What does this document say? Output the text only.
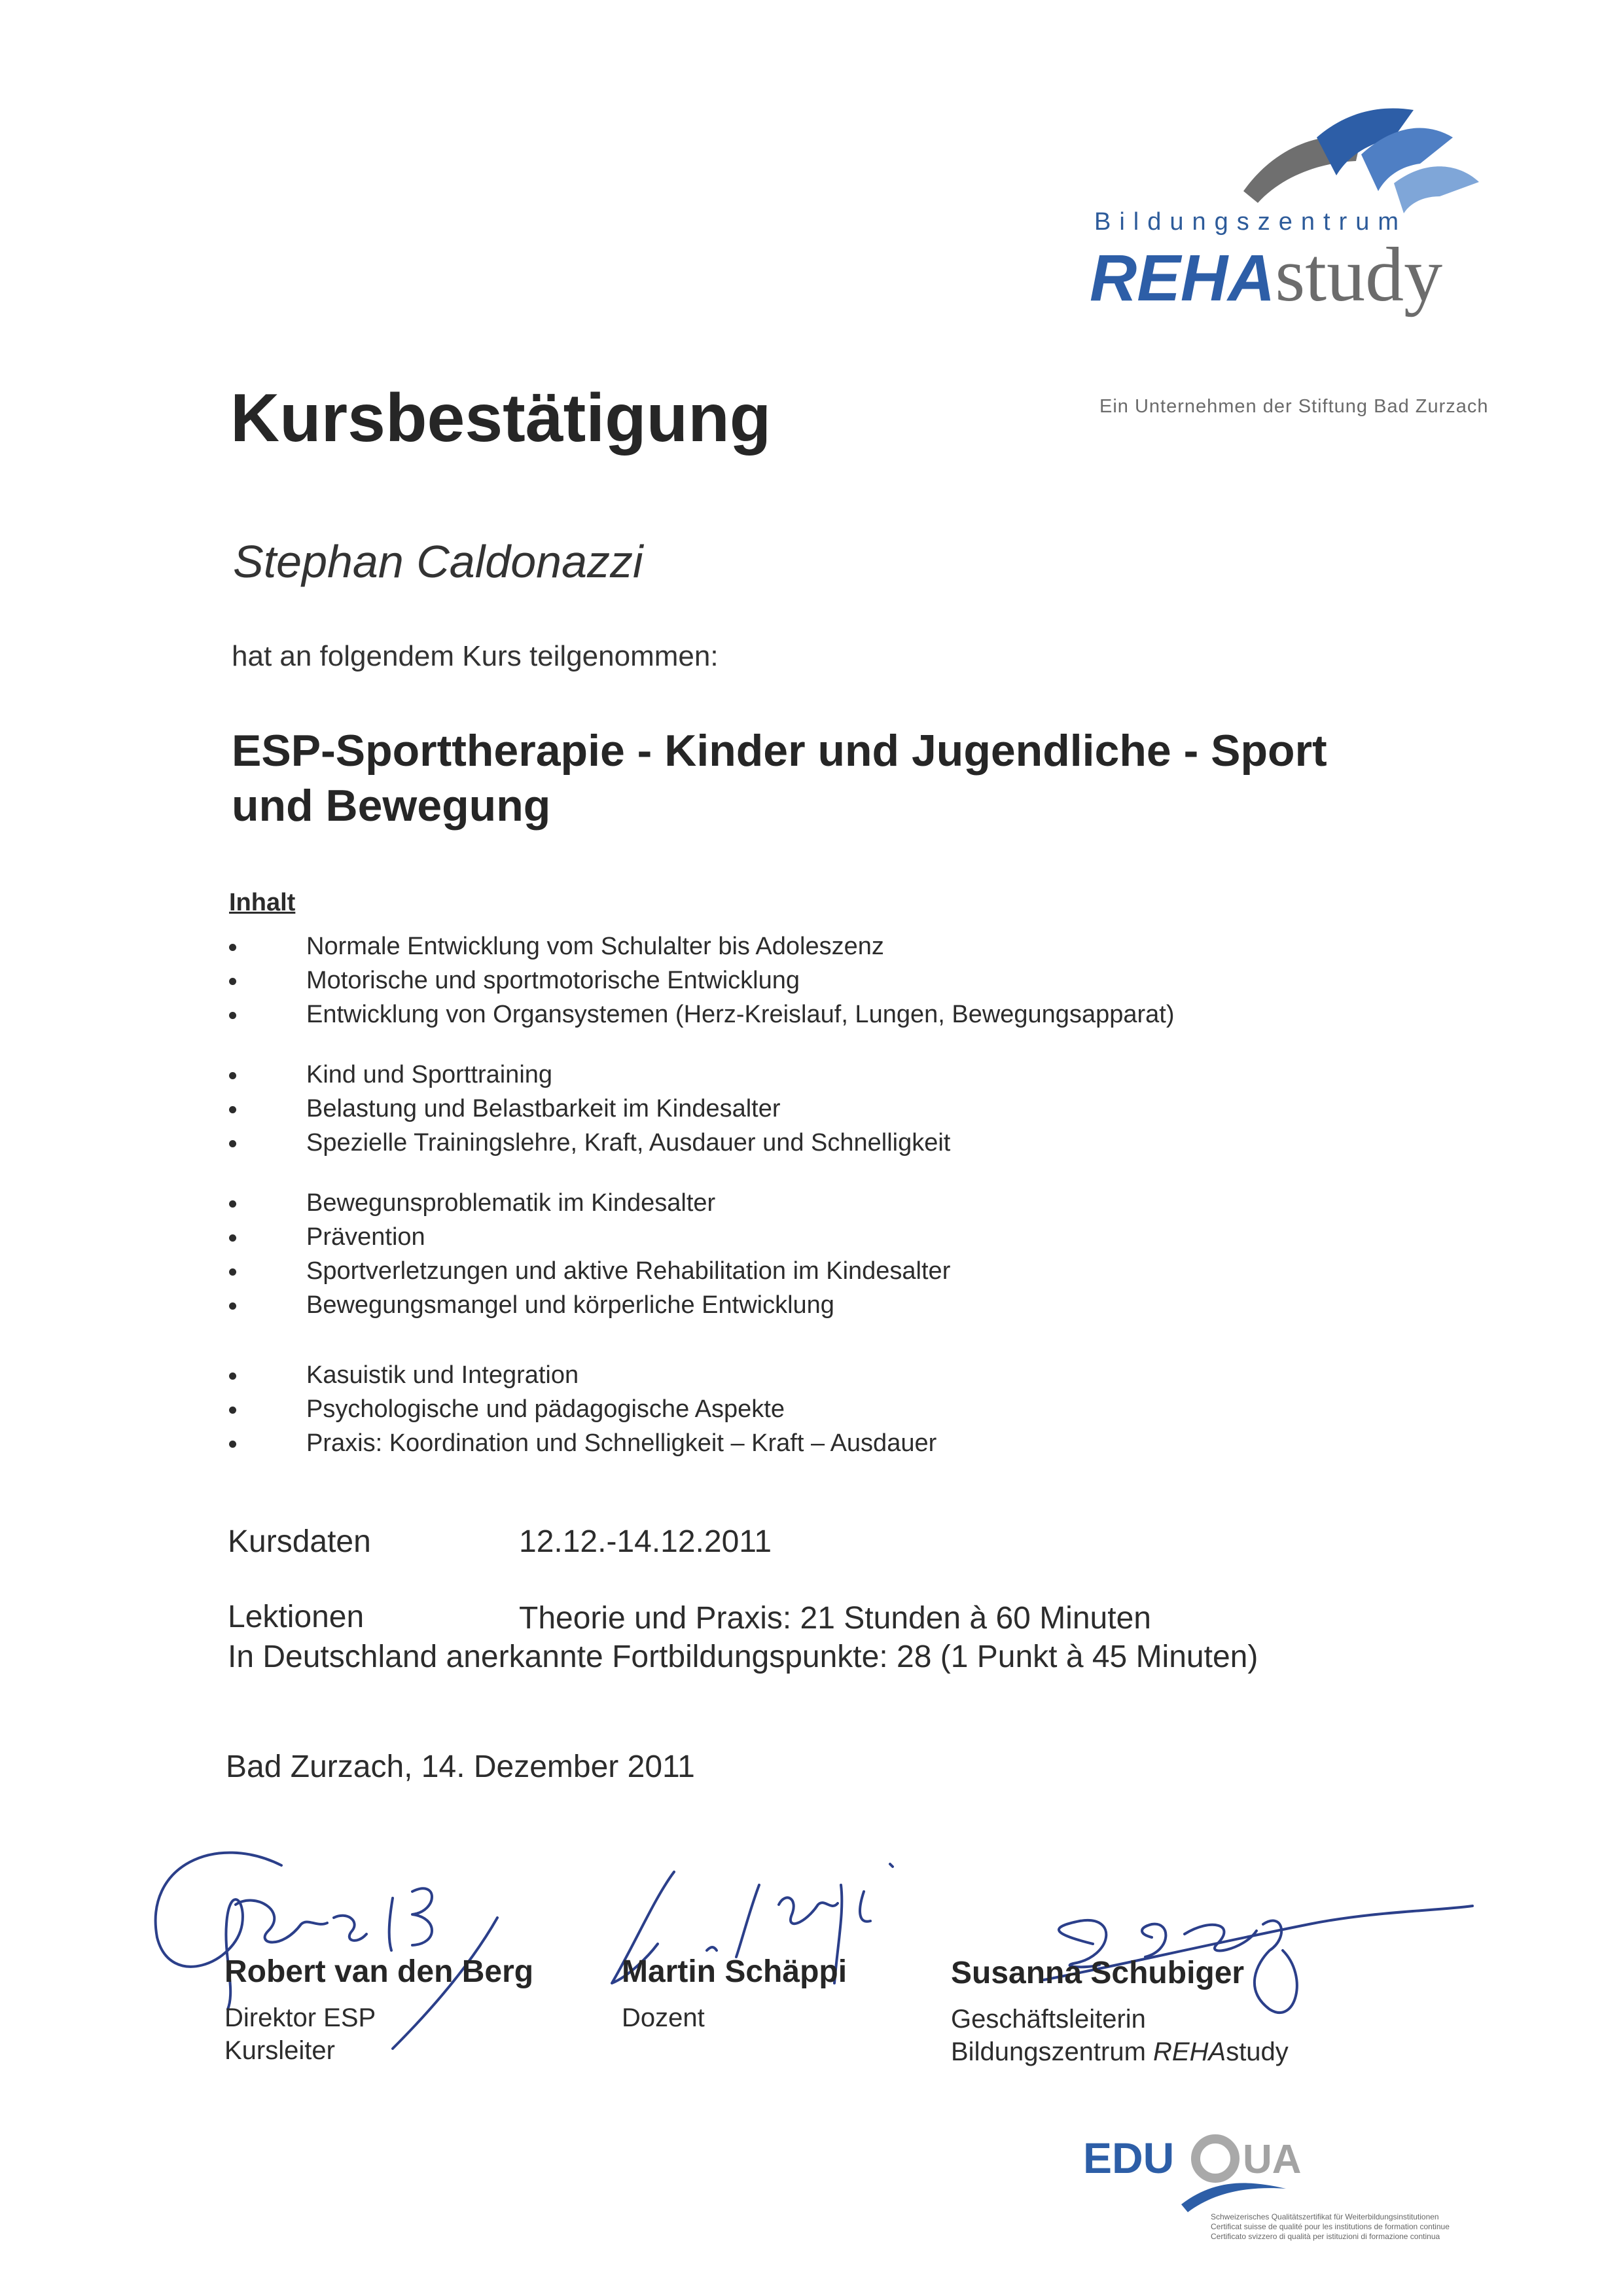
Bildungszentrum
REHAstudy
Ein Unternehmen der Stiftung Bad Zurzach
Kursbestätigung
Stephan Caldonazzi
hat an folgendem Kurs teilgenommen:
ESP-Sporttherapie - Kinder und Jugendliche - Sport
und Bewegung
Inhalt
Normale Entwicklung vom Schulalter bis Adoleszenz
Motorische und sportmotorische Entwicklung
Entwicklung von Organsystemen (Herz-Kreislauf, Lungen, Bewegungsapparat)
Kind und Sporttraining
Belastung und Belastbarkeit im Kindesalter
Spezielle Trainingslehre, Kraft, Ausdauer und Schnelligkeit
Bewegunsproblematik im Kindesalter
Prävention
Sportverletzungen und aktive Rehabilitation im Kindesalter
Bewegungsmangel und körperliche Entwicklung
Kasuistik und Integration
Psychologische und pädagogische Aspekte
Praxis: Koordination und Schnelligkeit – Kraft – Ausdauer
Kursdaten	12.12.-14.12.2011
Lektionen	Theorie und Praxis: 21 Stunden à 60 Minuten
In Deutschland anerkannte Fortbildungspunkte: 28 (1 Punkt à 45 Minuten)
Bad Zurzach, 14. Dezember 2011
Robert van den Berg
Direktor ESP
Kursleiter
Martin Schäppi
Dozent
Susanna Schubiger
Geschäftsleiterin
Bildungszentrum REHAstudy
EDU UA
Schweizerisches Qualitätszertifikat für Weiterbildungsinstitutionen
Certificat suisse de qualité pour les institutions de formation continue
Certificato svizzero di qualità per istituzioni di formazione continua
